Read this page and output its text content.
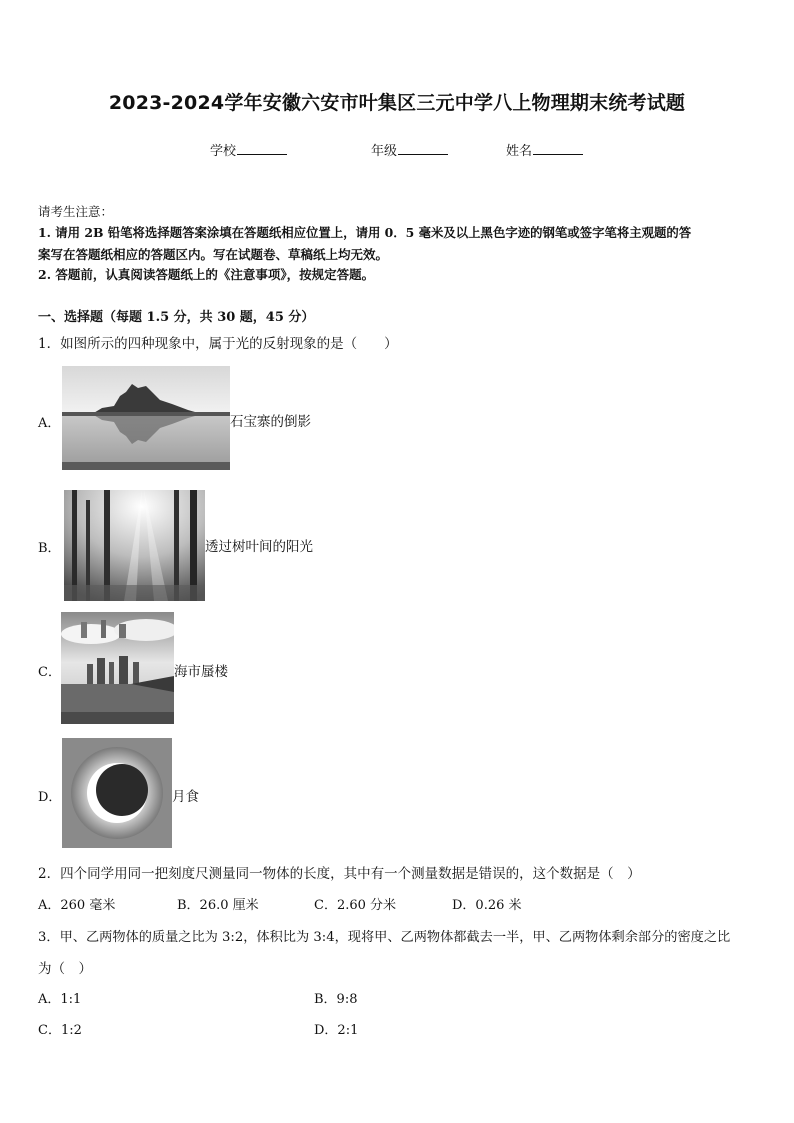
2023-2024学年安徽六安市叶集区三元中学八上物理期末统考试题
学校	年级	姓名
请考生注意：
1. 请用 2B 铅笔将选择题答案涂填在答题纸相应位置上，请用 0．5 毫米及以上黑色字迹的钢笔或签字笔将主观题的答
案写在答题纸相应的答题区内。写在试题卷、草稿纸上均无效。
2. 答题前，认真阅读答题纸上的《注意事项》，按规定答题。
一、选择题（每题 1.5 分，共 30 题，45 分）
1．如图所示的四种现象中，属于光的反射现象的是（　　）
A．	石宝寨的倒影
B．	透过树叶间的阳光
C．	海市蜃楼
D．	月食
2．四个同学用同一把刻度尺测量同一物体的长度，其中有一个测量数据是错误的，这个数据是（　）
A．260 毫米	B．26.0 厘米	C．2.60 分米	D．0.26 米
3．甲、乙两物体的质量之比为 3:2，体积比为 3:4，现将甲、乙两物体都截去一半，甲、乙两物体剩余部分的密度之比
为（　）
A．1:1	B．9:8
C．1:2	D．2:1
